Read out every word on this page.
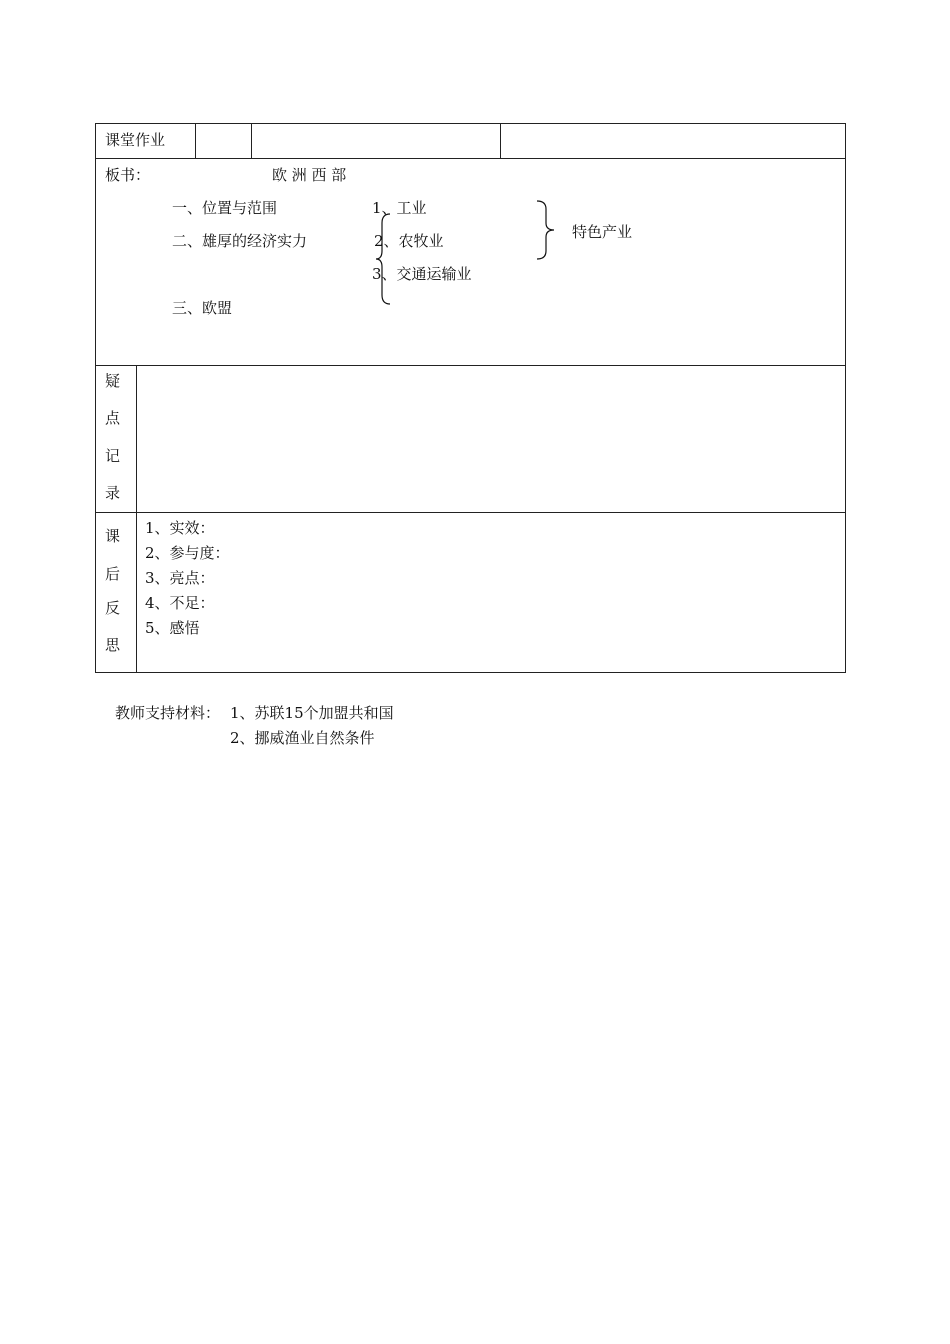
课堂作业
板书：	欧 洲 西 部
一、位置与范围
二、雄厚的经济实力
三、欧盟
1、工业
2、农牧业
3、交通运输业
特色产业
疑
点
记
录
课
后
反
思
1、实效：
2、参与度：
3、亮点：
4、不足：
5、感悟
教师支持材料： 1、苏联15个加盟共和国
2、挪威渔业自然条件
